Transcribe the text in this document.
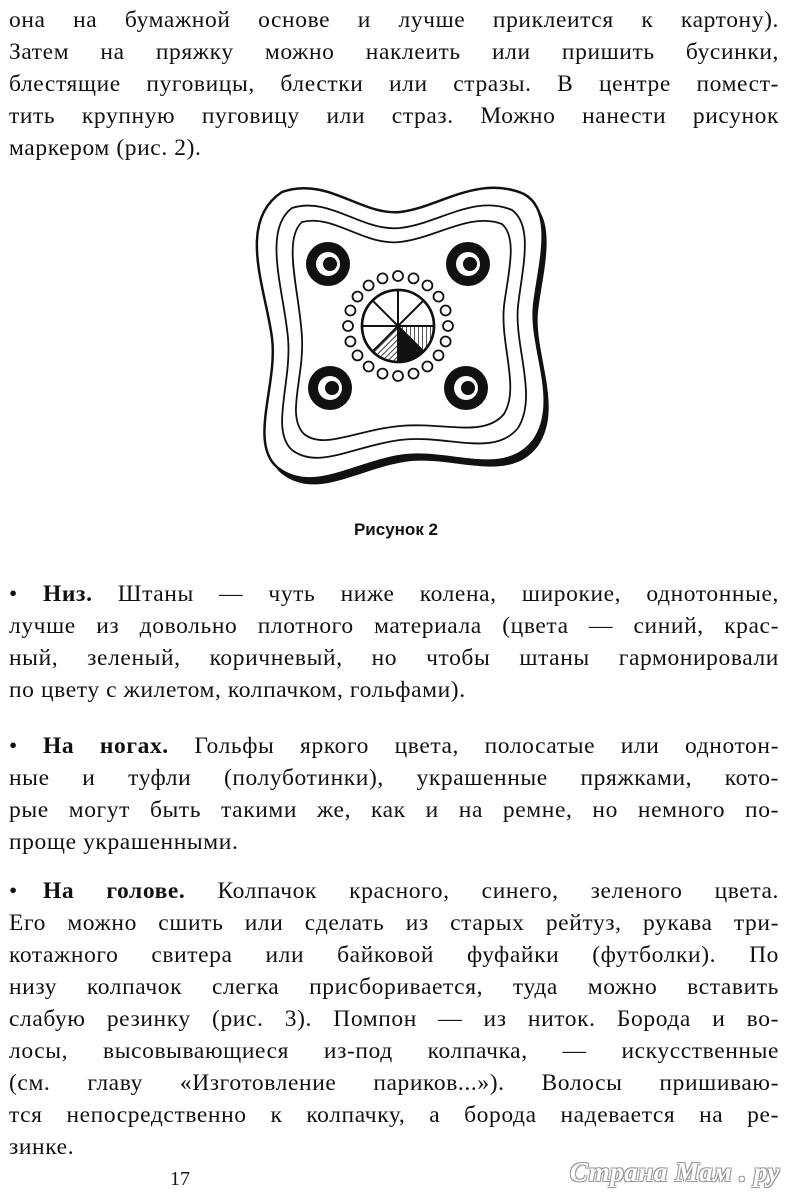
она на бумажной основе и лучше приклеится к картону).
Затем на пряжку можно наклеить или пришить бусинки,
блестящие пуговицы, блестки или стразы. В центре помест-
тить крупную пуговицу или страз. Можно нанести рисунок
маркером (рис. 2).
Рисунок 2
• Низ. Штаны — чуть ниже колена, широкие, однотонные,
лучше из довольно плотного материала (цвета — синий, крас-
ный, зеленый, коричневый, но чтобы штаны гармонировали
по цвету с жилетом, колпачком, гольфами).
• На ногах. Гольфы яркого цвета, полосатые или однотон-
ные и туфли (полуботинки), украшенные пряжками, кото-
рые могут быть такими же, как и на ремне, но немного по-
проще украшенными.
• На голове. Колпачок красного, синего, зеленого цвета.
Его можно сшить или сделать из старых рейтуз, рукава три-
котажного свитера или байковой фуфайки (футболки). По
низу колпачок слегка присборивается, туда можно вставить
слабую резинку (рис. 3). Помпон — из ниток. Борода и во-
лосы, высовывающиеся из-под колпачка, — искусственные
(см. главу «Изготовление париков...»). Волосы пришиваю-
тся непосредственно к колпачку, а борода надевается на ре-
зинке.
17	Страна Мам . ру
